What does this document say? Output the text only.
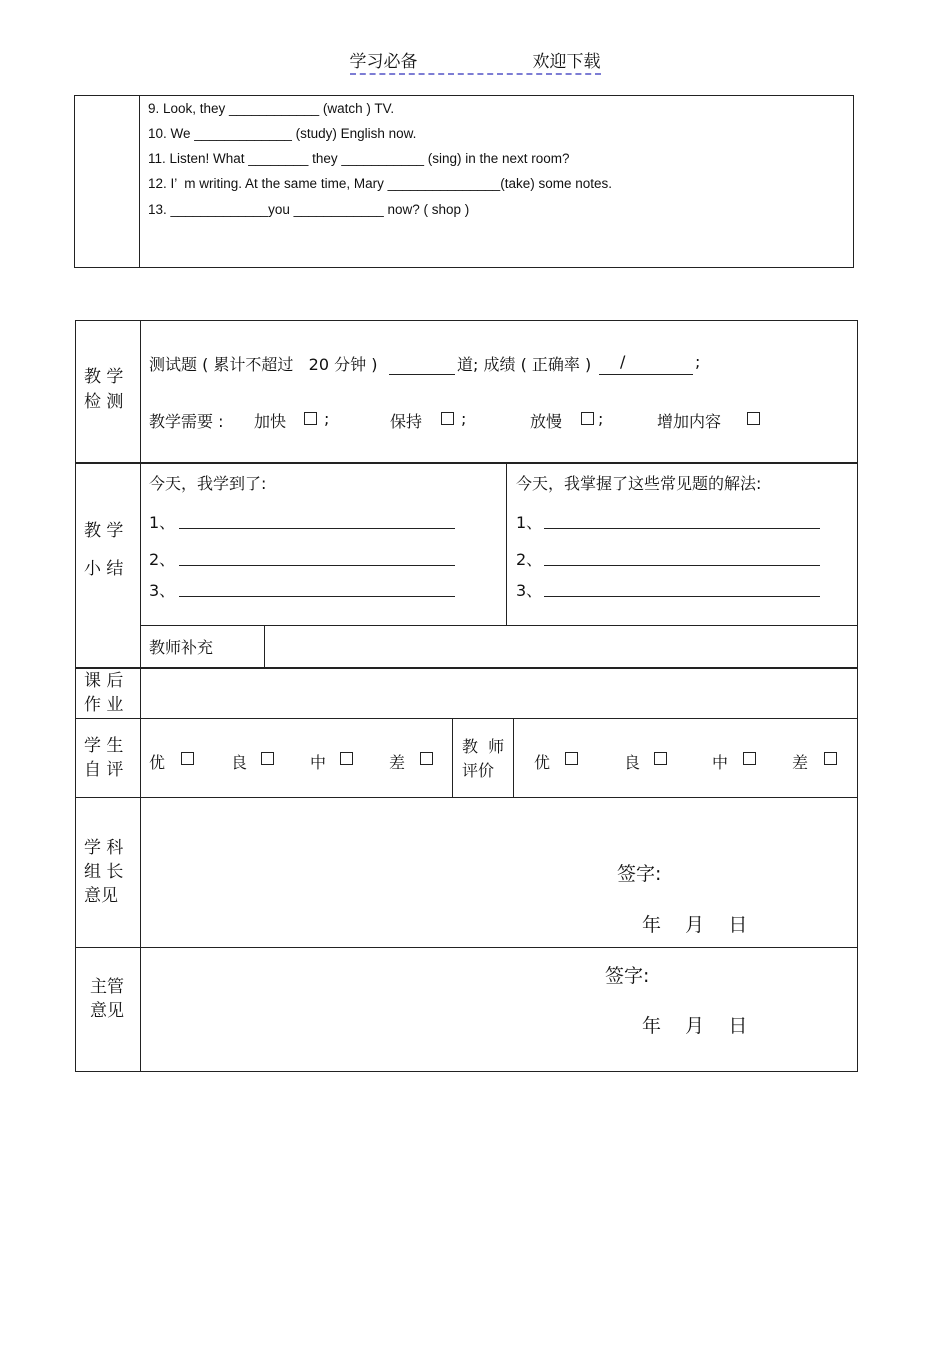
学习必备	欢迎下载
9. Look, they ____________ (watch ) TV.
10. We _____________ (study) English now.
11. Listen! What ________ they ___________ (sing) in the next room?
12. I’  m writing. At the same time, Mary _______________(take) some notes.
13. _____________you ____________ now? ( shop )
教 学
检 测
测试题 ( 累计不超过   20 分钟 )	道; 成绩 ( 正确率 ) /	;
教学需要 : 加快 ;	保持 ;	放慢 ;	增加内容
教 学
小 结
今天，我学到了:
1、
2、
3、
今天，我掌握了这些常见题的解法:
1、
2、
3、
教师补充
课 后
作 业
学 生
自 评 优	良	中	差
教  师
评价 优	良	中	差
学 科
组 长
意见
签字:
年    月    日
主管
意见
签字:
年    月    日
